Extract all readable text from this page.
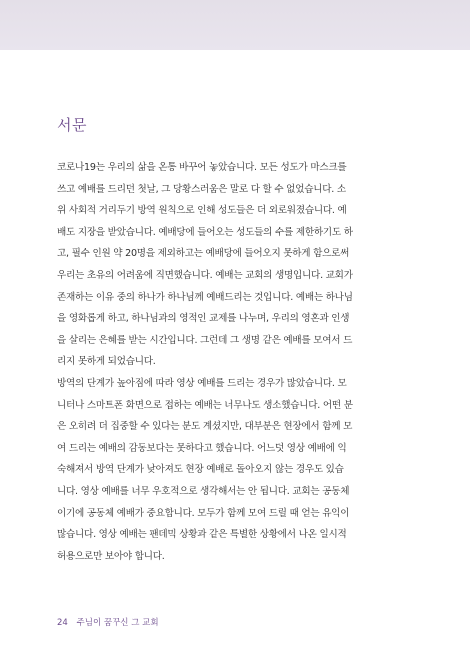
서문
코로나19는 우리의 삶을 온통 바꾸어 놓았습니다. 모든 성도가 마스크를
쓰고 예배를 드리던 첫날, 그 당황스러움은 말로 다 할 수 없었습니다. 소
위 사회적 거리두기 방역 원칙으로 인해 성도들은 더 외로워졌습니다. 예
배도 지장을 받았습니다. 예배당에 들어오는 성도들의 수를 제한하기도 하
고, 필수 인원 약 20명을 제외하고는 예배당에 들어오지 못하게 함으로써
우리는 초유의 어려움에 직면했습니다. 예배는 교회의 생명입니다. 교회가
존재하는 이유 중의 하나가 하나님께 예배드리는 것입니다. 예배는 하나님
을 영화롭게 하고, 하나님과의 영적인 교제를 나누며, 우리의 영혼과 인생
을 살리는 은혜를 받는 시간입니다. 그런데 그 생명 같은 예배를 모여서 드
리지 못하게 되었습니다.
방역의 단계가 높아짐에 따라 영상 예배를 드리는 경우가 많았습니다. 모
니터나 스마트폰 화면으로 접하는 예배는 너무나도 생소했습니다. 어떤 분
은 오히려 더 집중할 수 있다는 분도 계셨지만, 대부분은 현장에서 함께 모
여 드리는 예배의 감동보다는 못하다고 했습니다. 어느덧 영상 예배에 익
숙해져서 방역 단계가 낮아져도 현장 예배로 돌아오지 않는 경우도 있습
니다. 영상 예배를 너무 우호적으로 생각해서는 안 됩니다. 교회는 공동체
이기에 공동체 예배가 중요합니다. 모두가 함께 모여 드릴 때 얻는 유익이
많습니다. 영상 예배는 팬데믹 상황과 같은 특별한 상황에서 나온 일시적
허용으로만 보아야 합니다.
24 주님이 꿈꾸신 그 교회
